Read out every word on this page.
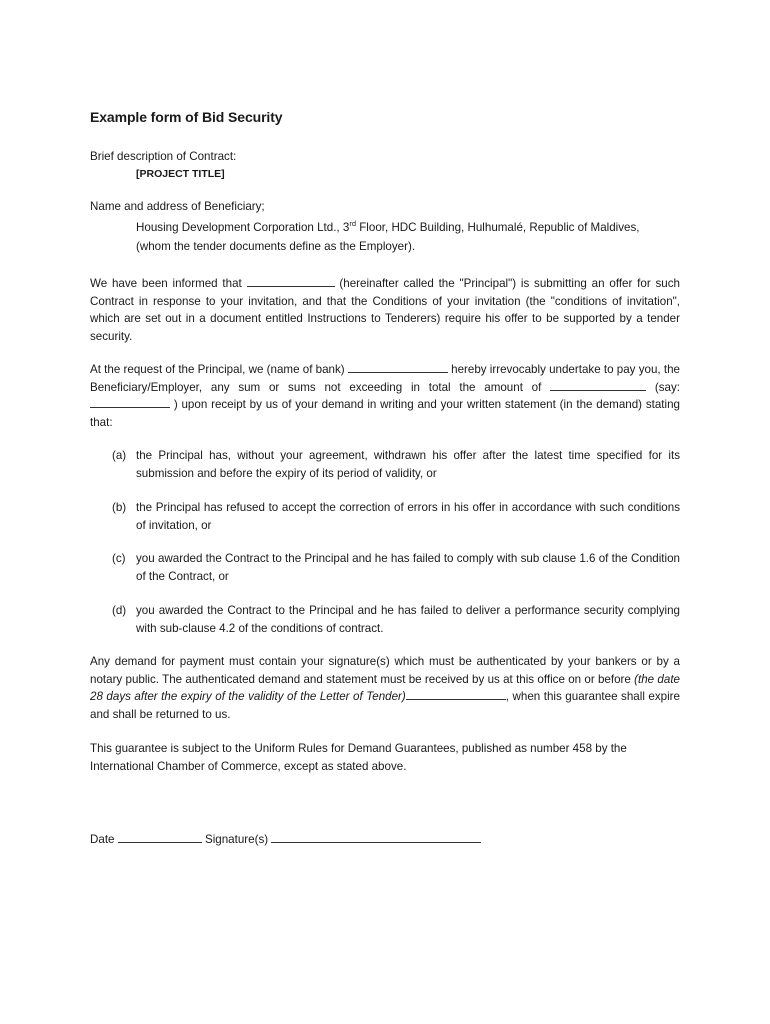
Example form of Bid Security
Brief description of Contract:
[PROJECT TITLE]
Name and address of Beneficiary;
Housing Development Corporation Ltd., 3rd Floor, HDC Building, Hulhumalé, Republic of Maldives,
(whom the tender documents define as the Employer).
We have been informed that	(hereinafter called the "Principal") is submitting an offer for such Contract in response to your invitation, and that the Conditions of your invitation (the "conditions of invitation", which are set out in a document entitled Instructions to Tenderers) require his offer to be supported by a tender security.
At the request of the Principal, we (name of bank)	hereby irrevocably undertake to pay you, the Beneficiary/Employer, any sum or sums not exceeding in total the amount of	(say:  ) upon receipt by us of your demand in writing and your written statement (in the demand) stating that:
(a) the Principal has, without your agreement, withdrawn his offer after the latest time specified for its submission and before the expiry of its period of validity, or
(b) the Principal has refused to accept the correction of errors in his offer in accordance with such conditions of invitation, or
(c) you awarded the Contract to the Principal and he has failed to comply with sub clause 1.6 of the Condition of the Contract, or
(d) you awarded the Contract to the Principal and he has failed to deliver a performance security complying with sub-clause 4.2 of the conditions of contract.
Any demand for payment must contain your signature(s) which must be authenticated by your bankers or by a notary public. The authenticated demand and statement must be received by us at this office on or before (the date 28 days after the expiry of the validity of the Letter of Tender)	, when this guarantee shall expire and shall be returned to us.
This guarantee is subject to the Uniform Rules for Demand Guarantees, published as number 458 by the International Chamber of Commerce, except as stated above.
Date	Signature(s)
